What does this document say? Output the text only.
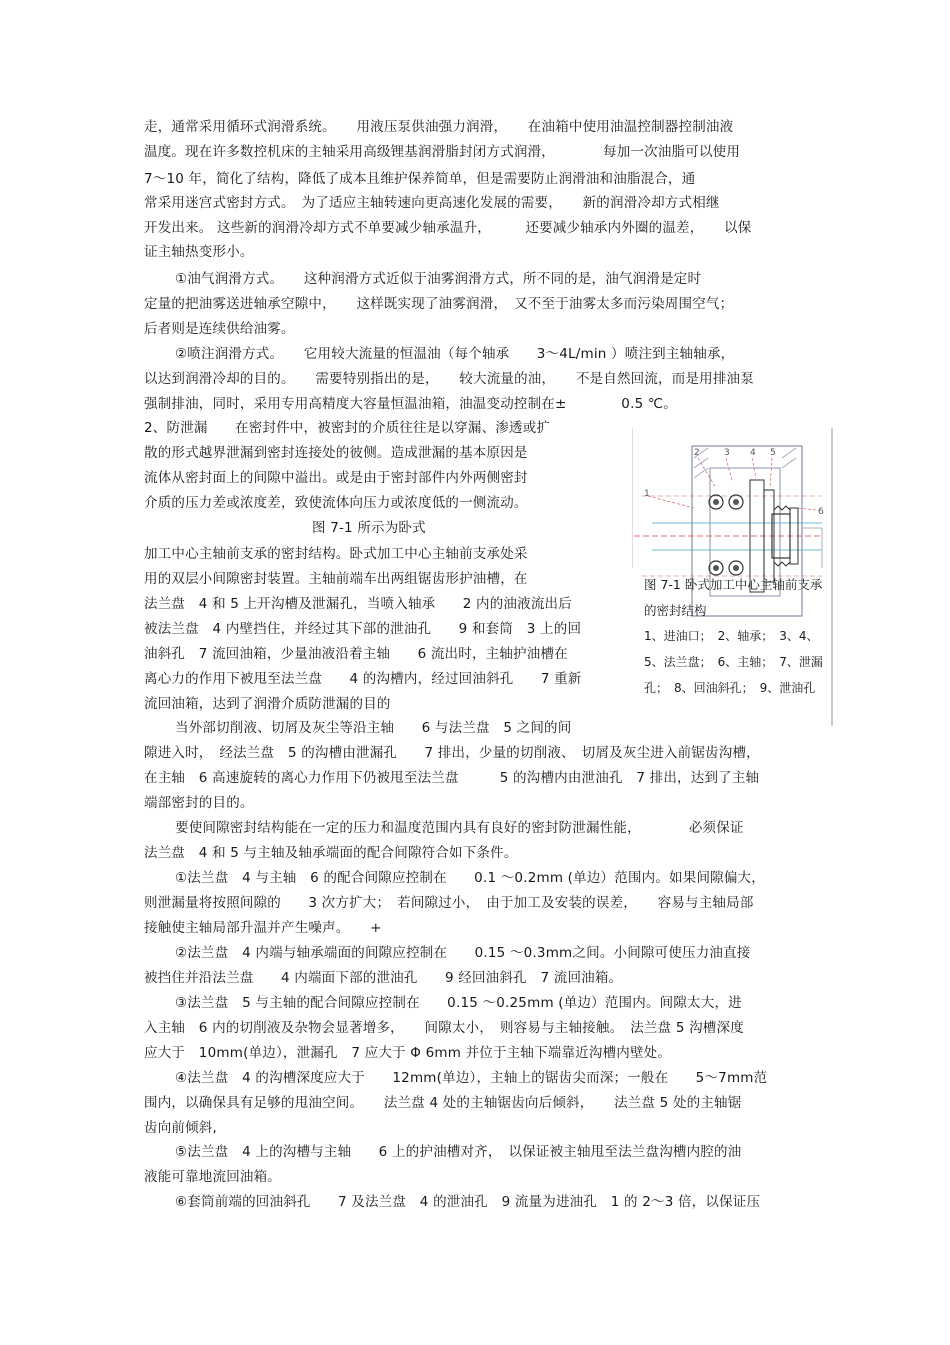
走，通常采用循环式润滑系统。　　用液压泵供油强力润滑，　　在油箱中使用油温控制器控制油液
温度。现在许多数控机床的主轴采用高级锂基润滑脂封闭方式润滑，　　　　每加一次油脂可以使用
7～10 年，简化了结构，降低了成本且维护保养简单，但是需要防止润滑油和油脂混合，通
常采用迷宫式密封方式。　为了适应主轴转速向更高速化发展的需要，　　新的润滑冷却方式相继
开发出来。 这些新的润滑冷却方式不单要减少轴承温升，　　　还要减少轴承内外圈的温差，　　以保
证主轴热变形小。
①油气润滑方式。　　这种润滑方式近似于油雾润滑方式，所不同的是，油气润滑是定时
定量的把油雾送进轴承空隙中，　　这样既实现了油雾润滑，　又不至于油雾太多而污染周围空气；
后者则是连续供给油雾。
②喷注润滑方式。　　它用较大流量的恒温油（每个轴承　　3～4L/min ）喷注到主轴轴承，
以达到润滑冷却的目的。　　需要特别指出的是，　　较大流量的油，　　不是自然回流，而是用排油泵
强制排油，同时，采用专用高精度大容量恒温油箱，油温变动控制在±　　　　0.5 ℃。
2、防泄漏　　在密封件中，被密封的介质往往是以穿漏、渗透或扩
散的形式越界泄漏到密封连接处的彼侧。造成泄漏的基本原因是
流体从密封面上的间隙中溢出。或是由于密封部件内外两侧密封
介质的压力差或浓度差，致使流体向压力或浓度低的一侧流动。
图 7-1 所示为卧式
加工中心主轴前支承的密封结构。卧式加工中心主轴前支承处采
用的双层小间隙密封装置。主轴前端车出两组锯齿形护油槽，在
法兰盘　4 和 5 上开沟槽及泄漏孔，当喷入轴承　　2 内的油液流出后
被法兰盘　4 内壁挡住，并经过其下部的泄油孔　　9 和套筒　3 上的回
油斜孔　7 流回油箱，少量油液沿着主轴　　6 流出时，主轴护油槽在
离心力的作用下被甩至法兰盘　　4 的沟槽内，经过回油斜孔　　7 重新
流回油箱，达到了润滑介质防泄漏的目的
当外部切削液、切屑及灰尘等沿主轴　　6 与法兰盘　5 之间的间
隙进入时，　经法兰盘　5 的沟槽由泄漏孔　　7 排出，少量的切削液、　切屑及灰尘进入前锯齿沟槽，
在主轴　6 高速旋转的离心力作用下仍被甩至法兰盘　　　5 的沟槽内由泄油孔　7 排出，达到了主轴
端部密封的目的。
要使间隙密封结构能在一定的压力和温度范围内具有良好的密封防泄漏性能，　　　　必须保证
法兰盘　4 和 5 与主轴及轴承端面的配合间隙符合如下条件。
①法兰盘　4 与主轴　6 的配合间隙应控制在　　0.1 ～0.2mm (单边）范围内。如果间隙偏大，
则泄漏量将按照间隙的　　3 次方扩大；　若间隙过小，　由于加工及安装的误差，　　容易与主轴局部
接触使主轴局部升温并产生噪声。　　+
②法兰盘　4 内端与轴承端面的间隙应控制在　　0.15 ～0.3mm之间。小间隙可使压力油直接
被挡住并沿法兰盘　　4 内端面下部的泄油孔　　9 经回油斜孔　7 流回油箱。
③法兰盘　5 与主轴的配合间隙应控制在　　0.15 ～0.25mm (单边）范围内。间隙太大，进
入主轴　6 内的切削液及杂物会显著增多，　　间隙太小，　则容易与主轴接触。　法兰盘 5 沟槽深度
应大于　10mm(单边），泄漏孔　7 应大于 Φ 6mm 并位于主轴下端靠近沟槽内壁处。
④法兰盘　4 的沟槽深度应大于　　12mm(单边），主轴上的锯齿尖而深；一般在　　5～7mm范
围内，以确保具有足够的甩油空间。　　法兰盘 4 处的主轴锯齿向后倾斜，　　法兰盘 5 处的主轴锯
齿向前倾斜,
⑤法兰盘　4 上的沟槽与主轴　　6 上的护油槽对齐，　以保证被主轴甩至法兰盘沟槽内腔的油
液能可靠地流回油箱。
⑥套筒前端的回油斜孔　　7 及法兰盘　4 的泄油孔　9 流量为进油孔　1 的 2～3 倍，以保证压
1
2	3 4 5
6
图 7-1 卧式加工中心主轴前支承的密封结构
1、进油口；　2、轴承；　3、4、5、法兰盘；　6、主轴；　7、泄漏孔；　8、回油斜孔；　9、泄油孔
